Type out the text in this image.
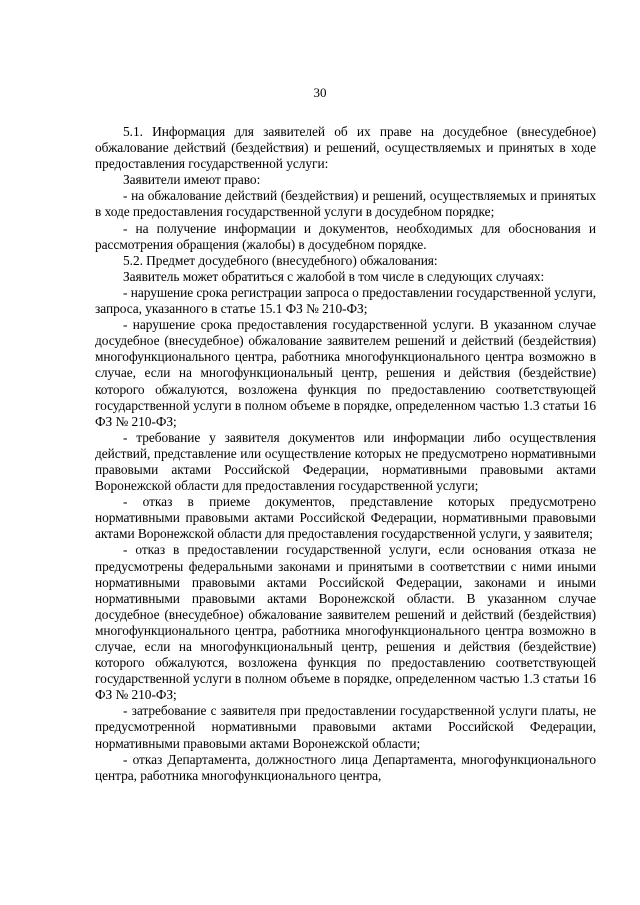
30

5.1. Информация для заявителей об их праве на досудебное (внесудебное) обжалование действий (бездействия) и решений, осуществляемых и принятых в ходе предоставления государственной услуги:

Заявители имеют право:

- на обжалование действий (бездействия) и решений, осуществляемых и принятых в ходе предоставления государственной услуги в досудебном порядке;

- на получение информации и документов, необходимых для обоснования и рассмотрения обращения (жалобы) в досудебном порядке.

5.2. Предмет досудебного (внесудебного) обжалования:

Заявитель может обратиться с жалобой в том числе в следующих случаях:

- нарушение срока регистрации запроса о предоставлении государственной услуги, запроса, указанного в статье 15.1 ФЗ № 210-ФЗ;

- нарушение срока предоставления государственной услуги. В указанном случае досудебное (внесудебное) обжалование заявителем решений и действий (бездействия) многофункционального центра, работника многофункционального центра возможно в случае, если на многофункциональный центр, решения и действия (бездействие) которого обжалуются, возложена функция по предоставлению соответствующей государственной услуги в полном объеме в порядке, определенном частью 1.3 статьи 16 ФЗ № 210-ФЗ;

- требование у заявителя документов или информации либо осуществления действий, представление или осуществление которых не предусмотрено нормативными правовыми актами Российской Федерации, нормативными правовыми актами Воронежской области для предоставления государственной услуги;

- отказ в приеме документов, представление которых предусмотрено нормативными правовыми актами Российской Федерации, нормативными правовыми актами Воронежской области для предоставления государственной услуги, у заявителя;

- отказ в предоставлении государственной услуги, если основания отказа не предусмотрены федеральными законами и принятыми в соответствии с ними иными нормативными правовыми актами Российской Федерации, законами и иными нормативными правовыми актами Воронежской области. В указанном случае досудебное (внесудебное) обжалование заявителем решений и действий (бездействия) многофункционального центра, работника многофункционального центра возможно в случае, если на многофункциональный центр, решения и действия (бездействие) которого обжалуются, возложена функция по предоставлению соответствующей государственной услуги в полном объеме в порядке, определенном частью 1.3 статьи 16 ФЗ № 210-ФЗ;

- затребование с заявителя при предоставлении государственной услуги платы, не предусмотренной нормативными правовыми актами Российской Федерации, нормативными правовыми актами Воронежской области;

- отказ Департамента, должностного лица Департамента, многофункционального центра, работника многофункционального центра,
